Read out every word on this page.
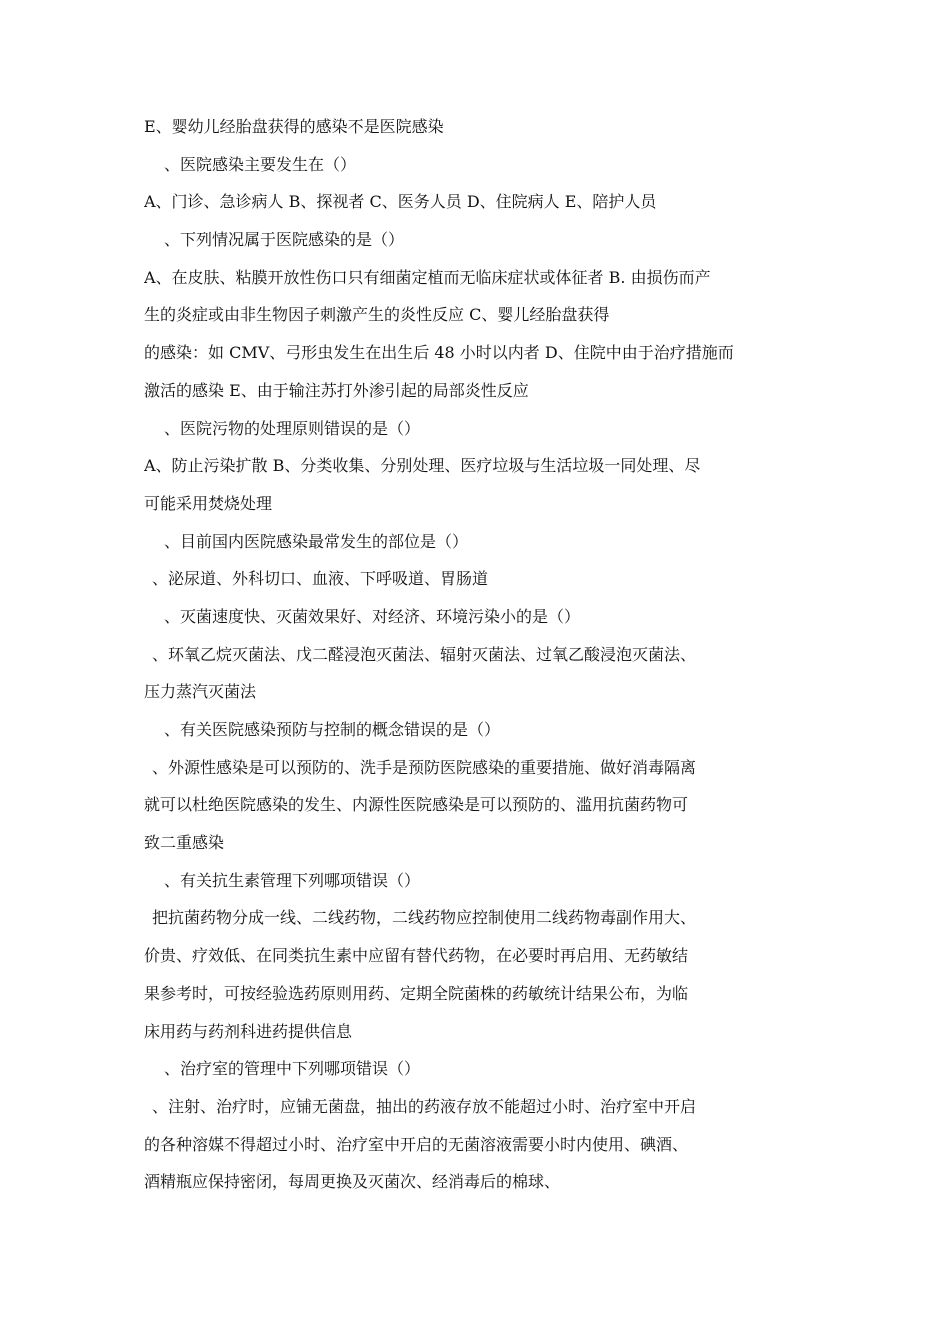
E、婴幼儿经胎盘获得的感染不是医院感染
、医院感染主要发生在（）
A、门诊、急诊病人 B、探视者 C、医务人员 D、住院病人 E、陪护人员
、下列情况属于医院感染的是（）
A、在皮肤、粘膜开放性伤口只有细菌定植而无临床症状或体征者 B. 由损伤而产
生的炎症或由非生物因子刺激产生的炎性反应 C、婴儿经胎盘获得
的感染：如 CMV、弓形虫发生在出生后 48 小时以内者 D、住院中由于治疗措施而
激活的感染 E、由于输注苏打外渗引起的局部炎性反应
、医院污物的处理原则错误的是（）
A、防止污染扩散 B、分类收集、分别处理、医疗垃圾与生活垃圾一同处理、尽
可能采用焚烧处理
、目前国内医院感染最常发生的部位是（）
、泌尿道、外科切口、血液、下呼吸道、胃肠道
、灭菌速度快、灭菌效果好、对经济、环境污染小的是（）
、环氧乙烷灭菌法、戊二醛浸泡灭菌法、辐射灭菌法、过氧乙酸浸泡灭菌法、
压力蒸汽灭菌法
、有关医院感染预防与控制的概念错误的是（）
、外源性感染是可以预防的、洗手是预防医院感染的重要措施、做好消毒隔离
就可以杜绝医院感染的发生、内源性医院感染是可以预防的、滥用抗菌药物可
致二重感染
、有关抗生素管理下列哪项错误（）
把抗菌药物分成一线、二线药物，二线药物应控制使用二线药物毒副作用大、
价贵、疗效低、在同类抗生素中应留有替代药物，在必要时再启用、无药敏结
果参考时，可按经验选药原则用药、定期全院菌株的药敏统计结果公布，为临
床用药与药剂科进药提供信息
、治疗室的管理中下列哪项错误（）
、注射、治疗时，应铺无菌盘，抽出的药液存放不能超过小时、治疗室中开启
的各种溶媒不得超过小时、治疗室中开启的无菌溶液需要小时内使用、碘酒、
酒精瓶应保持密闭，每周更换及灭菌次、经消毒后的棉球、
